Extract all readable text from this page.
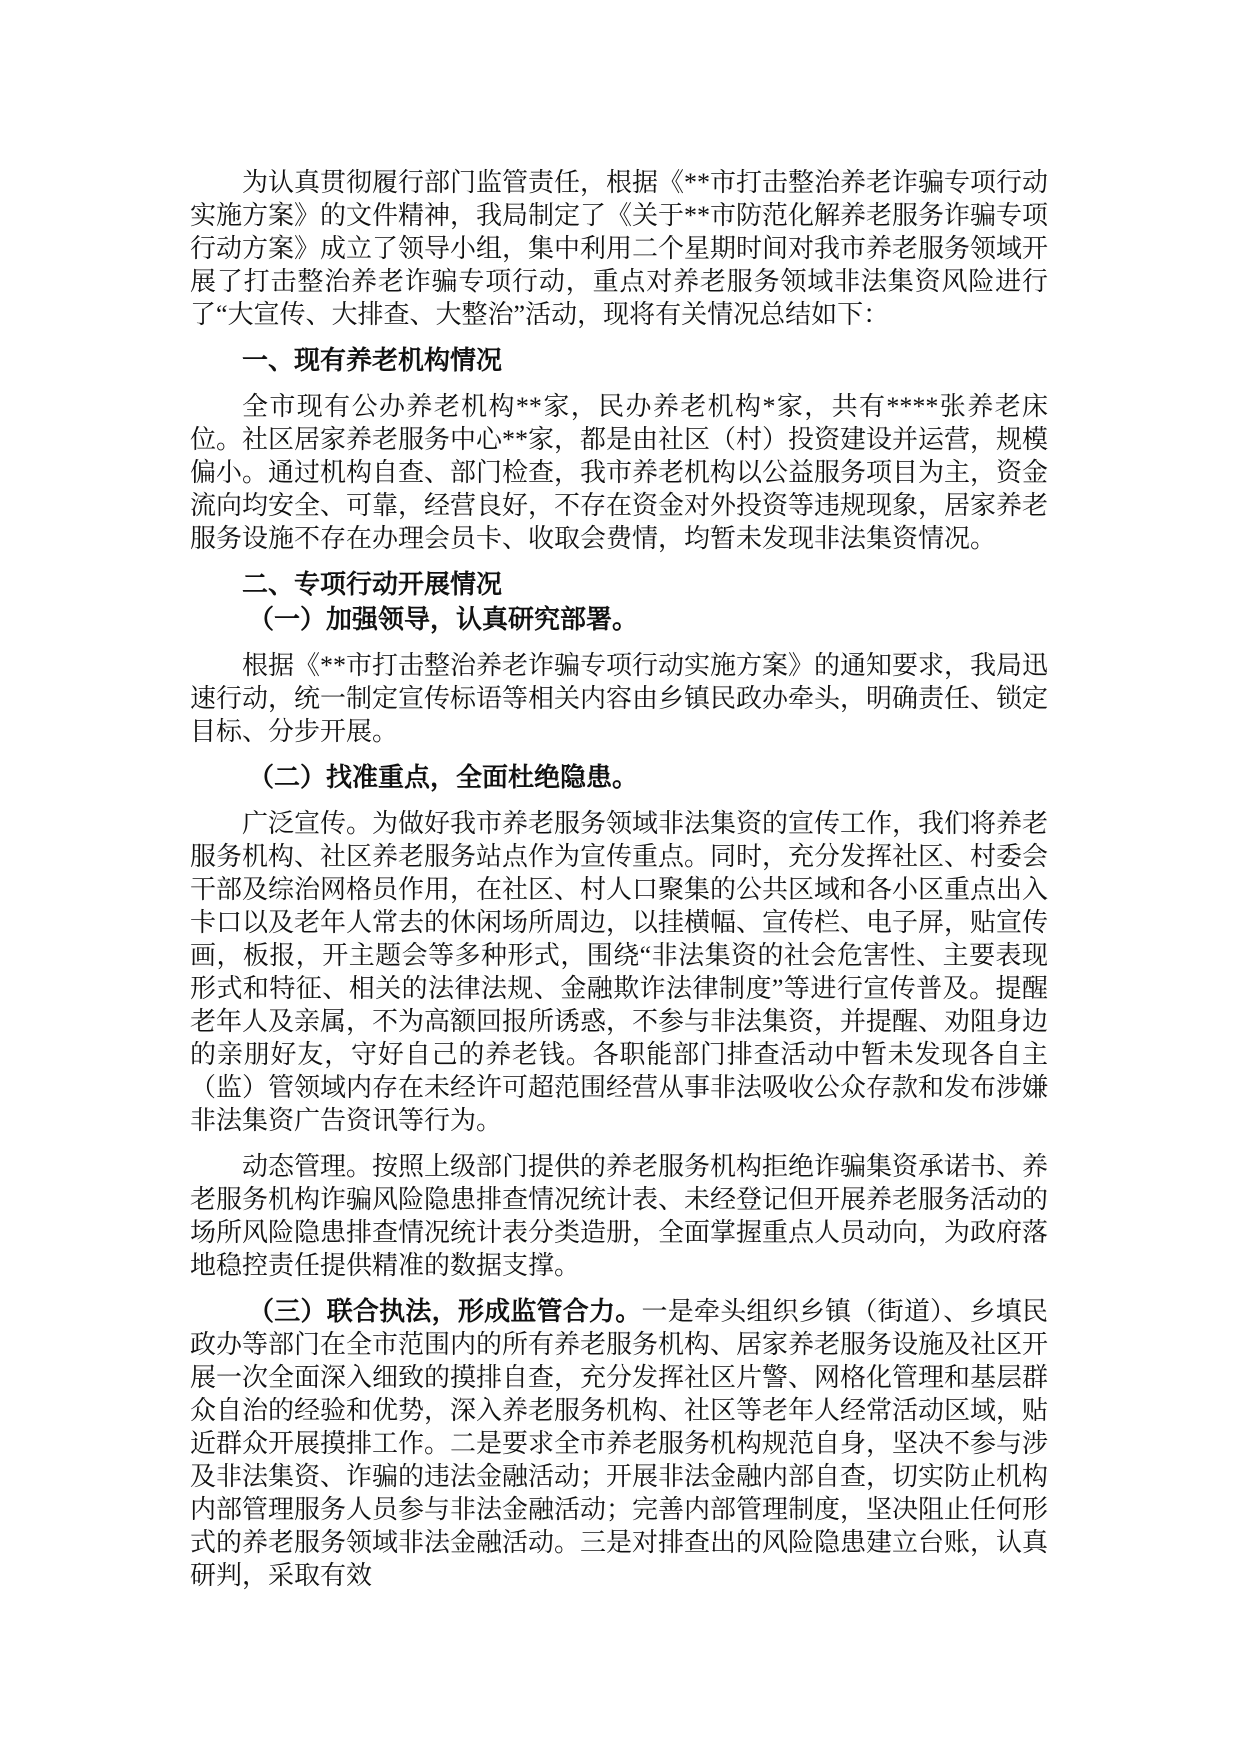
为认真贯彻履行部门监管责任，根据《**市打击整治养老诈骗专项行动实施方案》的文件精神，我局制定了《关于**市防范化解养老服务诈骗专项行动方案》成立了领导小组，集中利用二个星期时间对我市养老服务领域开展了打击整治养老诈骗专项行动，重点对养老服务领域非法集资风险进行了“大宣传、大排查、大整治”活动，现将有关情况总结如下：

一、现有养老机构情况

全市现有公办养老机构**家，民办养老机构*家，共有****张养老床位。社区居家养老服务中心**家，都是由社区（村）投资建设并运营，规模偏小。通过机构自查、部门检查，我市养老机构以公益服务项目为主，资金流向均安全、可靠，经营良好，不存在资金对外投资等违规现象，居家养老服务设施不存在办理会员卡、收取会费情，均暂未发现非法集资情况。

二、专项行动开展情况

（一）加强领导，认真研究部署。

根据《**市打击整治养老诈骗专项行动实施方案》的通知要求，我局迅速行动，统一制定宣传标语等相关内容由乡镇民政办牵头，明确责任、锁定目标、分步开展。

（二）找准重点，全面杜绝隐患。

广泛宣传。为做好我市养老服务领域非法集资的宣传工作，我们将养老服务机构、社区养老服务站点作为宣传重点。同时，充分发挥社区、村委会干部及综治网格员作用，在社区、村人口聚集的公共区域和各小区重点出入卡口以及老年人常去的休闲场所周边，以挂横幅、宣传栏、电子屏，贴宣传画，板报，开主题会等多种形式，围绕“非法集资的社会危害性、主要表现形式和特征、相关的法律法规、金融欺诈法律制度”等进行宣传普及。提醒老年人及亲属，不为高额回报所诱惑，不参与非法集资，并提醒、劝阻身边的亲朋好友，守好自己的养老钱。各职能部门排查活动中暂未发现各自主（监）管领域内存在未经许可超范围经营从事非法吸收公众存款和发布涉嫌非法集资广告资讯等行为。

动态管理。按照上级部门提供的养老服务机构拒绝诈骗集资承诺书、养老服务机构诈骗风险隐患排查情况统计表、未经登记但开展养老服务活动的场所风险隐患排查情况统计表分类造册，全面掌握重点人员动向，为政府落地稳控责任提供精准的数据支撑。

（三）联合执法，形成监管合力。一是牵头组织乡镇（街道）、乡填民政办等部门在全市范围内的所有养老服务机构、居家养老服务设施及社区开展一次全面深入细致的摸排自查，充分发挥社区片警、网格化管理和基层群众自治的经验和优势，深入养老服务机构、社区等老年人经常活动区域，贴近群众开展摸排工作。二是要求全市养老服务机构规范自身，坚决不参与涉及非法集资、诈骗的违法金融活动；开展非法金融内部自查，切实防止机构内部管理服务人员参与非法金融活动；完善内部管理制度，坚决阻止任何形式的养老服务领域非法金融活动。三是对排查出的风险隐患建立台账，认真研判，采取有效
